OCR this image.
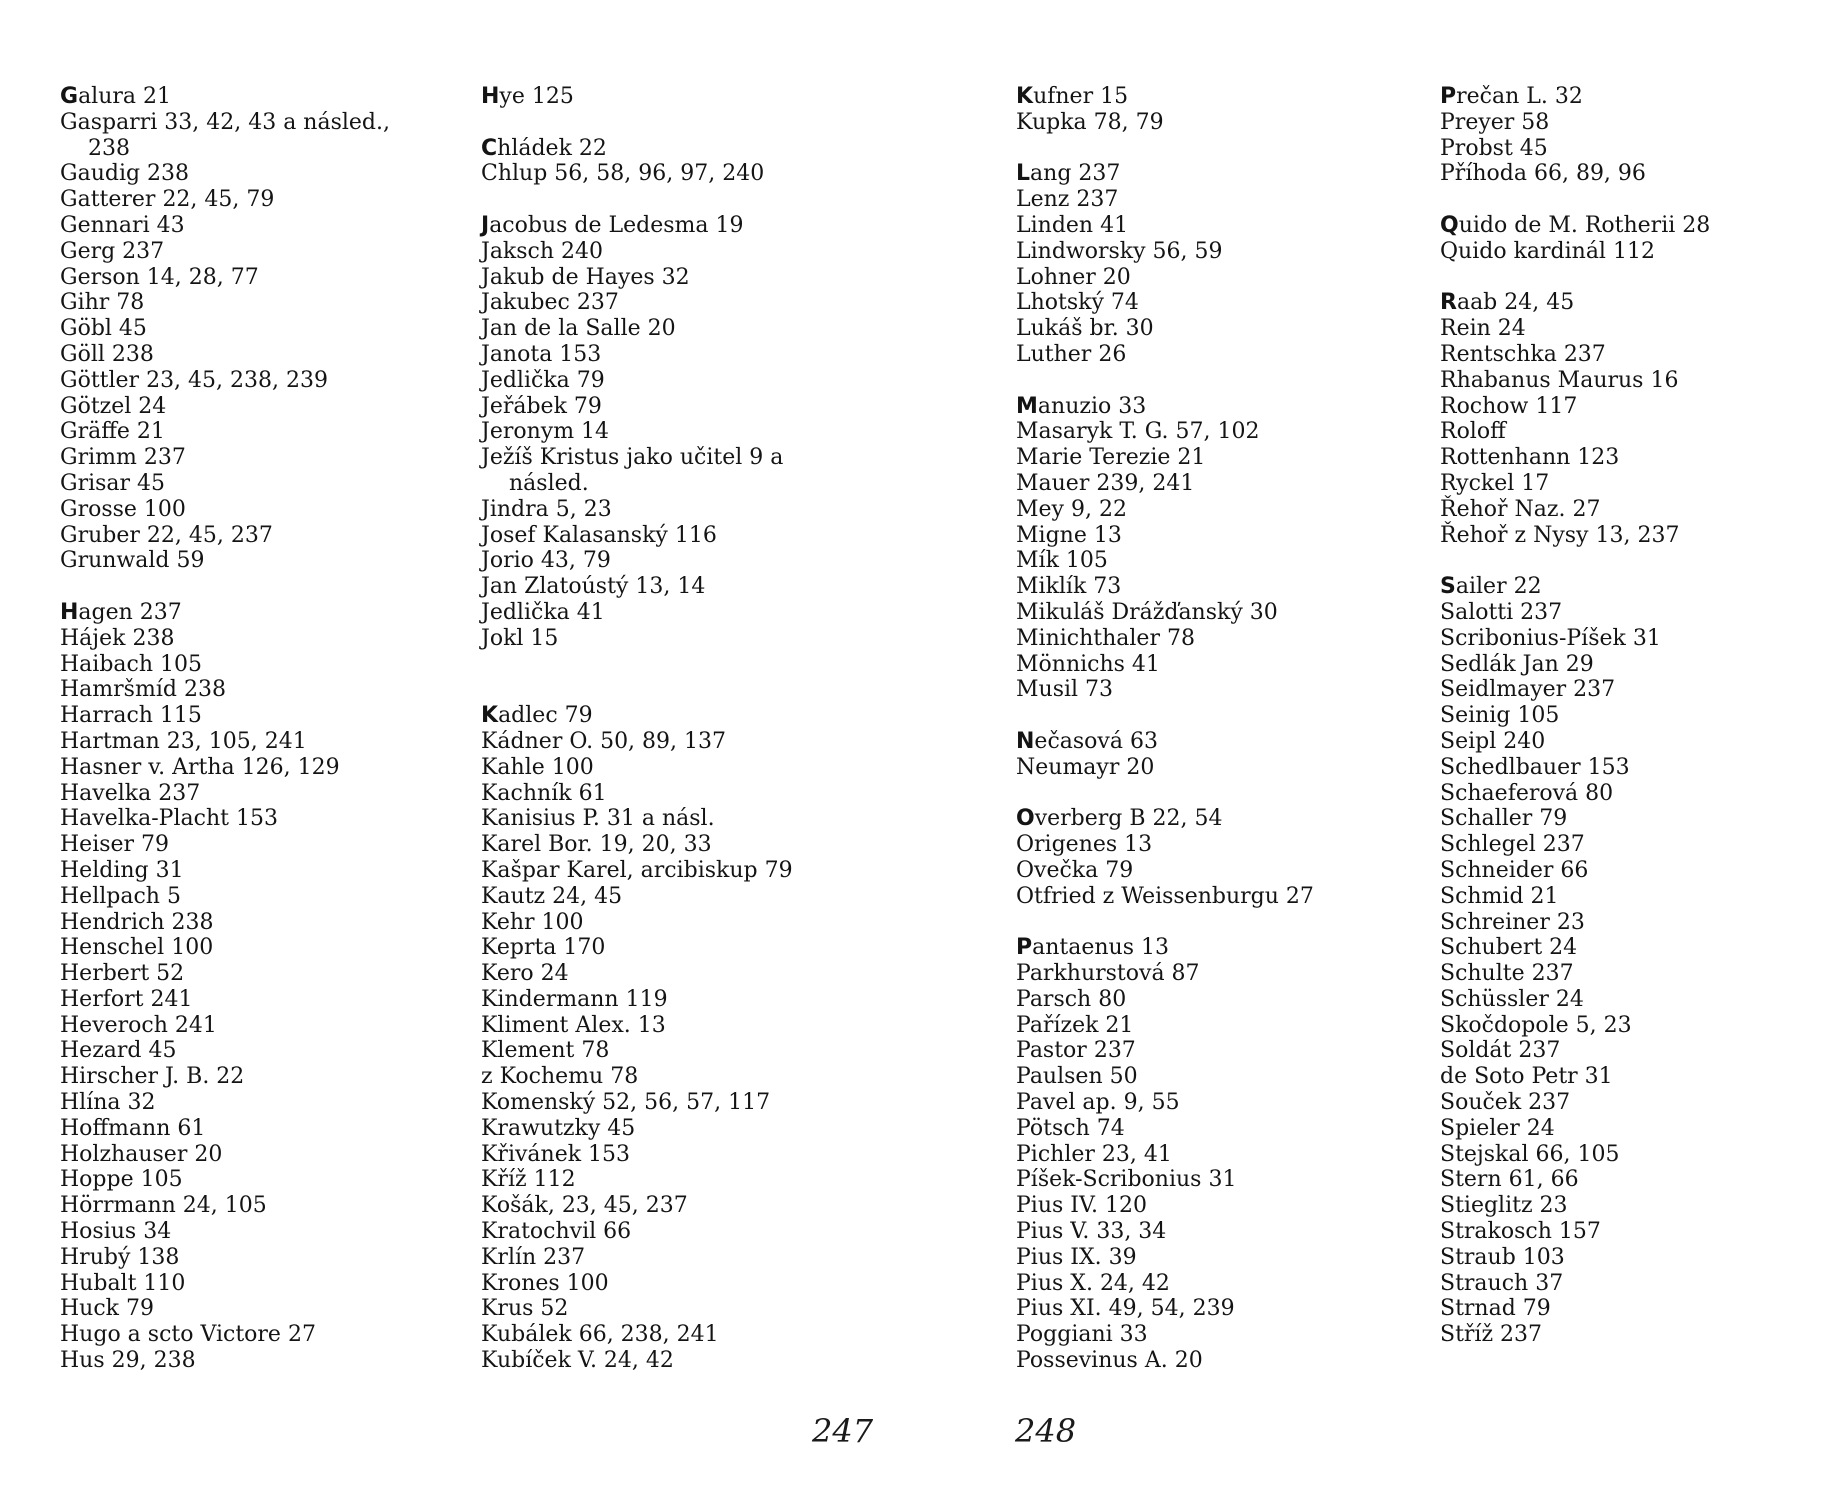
Galura 21
Gasparri 33, 42, 43 a násled.,
238
Gaudig 238
Gatterer 22, 45, 79
Gennari 43
Gerg 237
Gerson 14, 28, 77
Gihr 78
Göbl 45
Göll 238
Göttler 23, 45, 238, 239
Götzel 24
Gräffe 21
Grimm 237
Grisar 45
Grosse 100
Gruber 22, 45, 237
Grunwald 59
Hagen 237
Hájek 238
Haibach 105
Hamršmíd 238
Harrach 115
Hartman 23, 105, 241
Hasner v. Artha 126, 129
Havelka 237
Havelka-Placht 153
Heiser 79
Helding 31
Hellpach 5
Hendrich 238
Henschel 100
Herbert 52
Herfort 241
Heveroch 241
Hezard 45
Hirscher J. B. 22
Hlína 32
Hoffmann 61
Holzhauser 20
Hoppe 105
Hörrmann 24, 105
Hosius 34
Hrubý 138
Hubalt 110
Huck 79
Hugo a scto Victore 27
Hus 29, 238
Hye 125
Chládek 22
Chlup 56, 58, 96, 97, 240
Jacobus de Ledesma 19
Jaksch 240
Jakub de Hayes 32
Jakubec 237
Jan de la Salle 20
Janota 153
Jedlička 79
Jeřábek 79
Jeronym 14
Ježíš Kristus jako učitel 9 a
násled.
Jindra 5, 23
Josef Kalasanský 116
Jorio 43, 79
Jan Zlatoústý 13, 14
Jedlička 41
Jokl 15
Kadlec 79
Kádner O. 50, 89, 137
Kahle 100
Kachník 61
Kanisius P. 31 a násl.
Karel Bor. 19, 20, 33
Kašpar Karel, arcibiskup 79
Kautz 24, 45
Kehr 100
Keprta 170
Kero 24
Kindermann 119
Kliment Alex. 13
Klement 78
z Kochemu 78
Komenský 52, 56, 57, 117
Krawutzky 45
Křivánek 153
Kříž 112
Košák, 23, 45, 237
Kratochvil 66
Krlín 237
Krones 100
Krus 52
Kubálek 66, 238, 241
Kubíček V. 24, 42
Kufner 15
Kupka 78, 79
Lang 237
Lenz 237
Linden 41
Lindworsky 56, 59
Lohner 20
Lhotský 74
Lukáš br. 30
Luther 26
Manuzio 33
Masaryk T. G. 57, 102
Marie Terezie 21
Mauer 239, 241
Mey 9, 22
Migne 13
Mík 105
Miklík 73
Mikuláš Drážďanský 30
Minichthaler 78
Mönnichs 41
Musil 73
Nečasová 63
Neumayr 20
Overberg B 22, 54
Origenes 13
Ovečka 79
Otfried z Weissenburgu 27
Pantaenus 13
Parkhurstová 87
Parsch 80
Pařízek 21
Pastor 237
Paulsen 50
Pavel ap. 9, 55
Pötsch 74
Pichler 23, 41
Píšek-Scribonius 31
Pius IV. 120
Pius V. 33, 34
Pius IX. 39
Pius X. 24, 42
Pius XI. 49, 54, 239
Poggiani 33
Possevinus A. 20
Prečan L. 32
Preyer 58
Probst 45
Příhoda 66, 89, 96
Quido de M. Rotherii 28
Quido kardinál 112
Raab 24, 45
Rein 24
Rentschka 237
Rhabanus Maurus 16
Rochow 117
Roloff
Rottenhann 123
Ryckel 17
Řehoř Naz. 27
Řehoř z Nysy 13, 237
Sailer 22
Salotti 237
Scribonius-Píšek 31
Sedlák Jan 29
Seidlmayer 237
Seinig 105
Seipl 240
Schedlbauer 153
Schaeferová 80
Schaller 79
Schlegel 237
Schneider 66
Schmid 21
Schreiner 23
Schubert 24
Schulte 237
Schüssler 24
Skočdopole 5, 23
Soldát 237
de Soto Petr 31
Souček 237
Spieler 24
Stejskal 66, 105
Stern 61, 66
Stieglitz 23
Strakosch 157
Straub 103
Strauch 37
Strnad 79
Stříž 237
247	248
